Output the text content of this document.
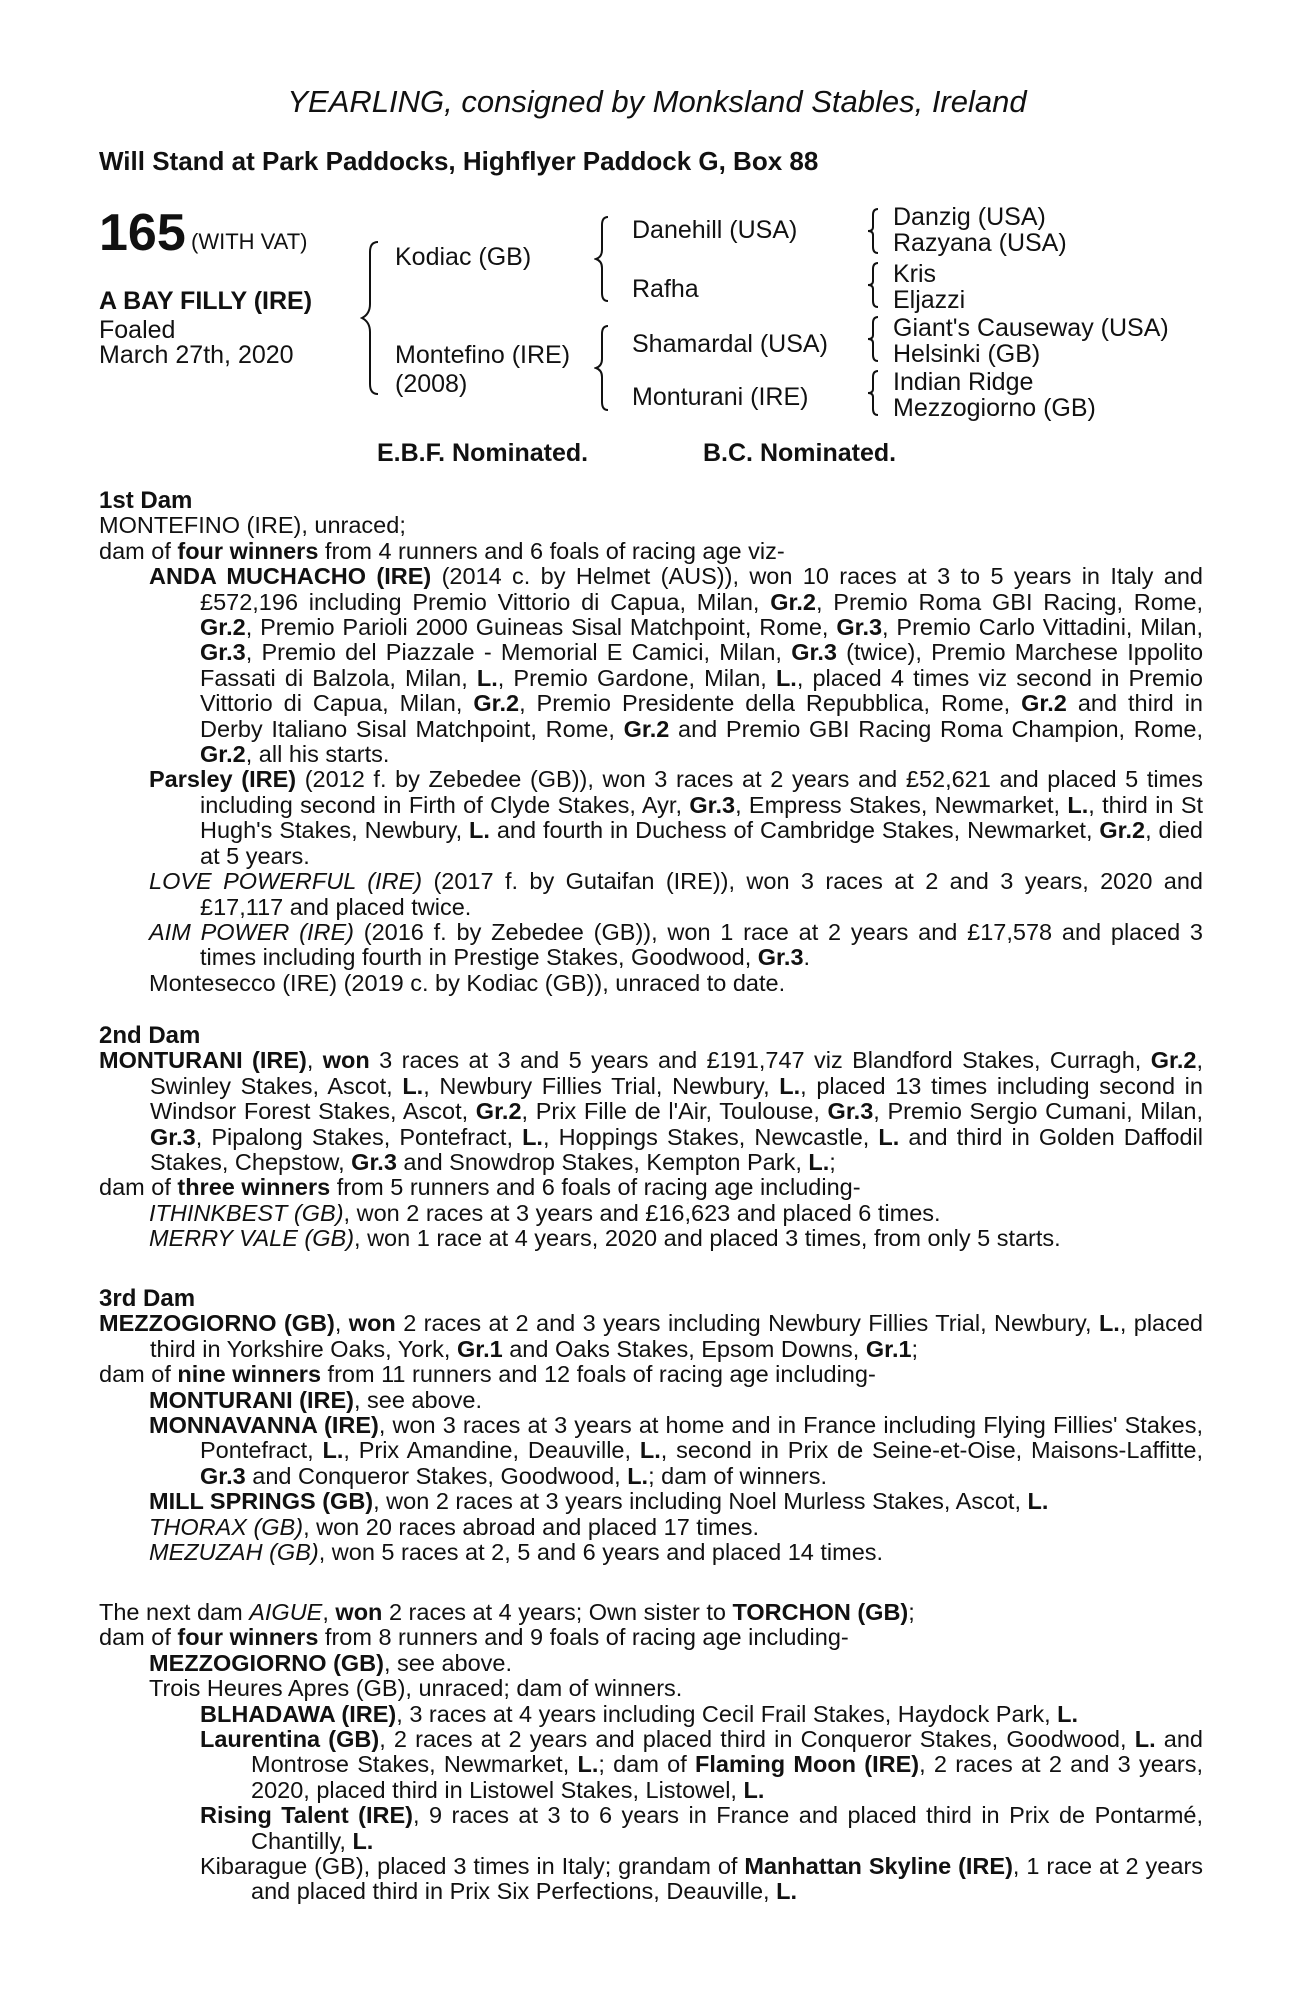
YEARLING, consigned by Monksland Stables, Ireland
Will Stand at Park Paddocks, Highflyer Paddock G, Box 88
165 (WITH VAT)
A BAY FILLY (IRE)
Foaled
March 27th, 2020
Kodiac (GB)
Montefino (IRE)
(2008)
Danehill (USA)
Rafha
Shamardal (USA)
Monturani (IRE)
Danzig (USA)
Razyana (USA)
Kris
Eljazzi
Giant's Causeway (USA)
Helsinki (GB)
Indian Ridge
Mezzogiorno (GB)
E.B.F. Nominated.	B.C. Nominated.

1st Dam

MONTEFINO (IRE), unraced;

dam of four winners from 4 runners and 6 foals of racing age viz-

ANDA MUCHACHO (IRE) (2014 c. by Helmet (AUS)), won 10 races at 3 to 5 years in Italy and £572,196 including Premio Vittorio di Capua, Milan, Gr.2, Premio Roma GBI Racing, Rome, Gr.2, Premio Parioli 2000 Guineas Sisal Matchpoint, Rome, Gr.3, Premio Carlo Vittadini, Milan, Gr.3, Premio del Piazzale - Memorial E Camici, Milan, Gr.3 (twice), Premio Marchese Ippolito Fassati di Balzola, Milan, L., Premio Gardone, Milan, L., placed 4 times viz second in Premio Vittorio di Capua, Milan, Gr.2, Premio Presidente della Repubblica, Rome, Gr.2 and third in Derby Italiano Sisal Matchpoint, Rome, Gr.2 and Premio GBI Racing Roma Champion, Rome, Gr.2, all his starts.

Parsley (IRE) (2012 f. by Zebedee (GB)), won 3 races at 2 years and £52,621 and placed 5 times including second in Firth of Clyde Stakes, Ayr, Gr.3, Empress Stakes, Newmarket, L., third in St Hugh's Stakes, Newbury, L. and fourth in Duchess of Cambridge Stakes, Newmarket, Gr.2, died at 5 years.

LOVE POWERFUL (IRE) (2017 f. by Gutaifan (IRE)), won 3 races at 2 and 3 years, 2020 and £17,117 and placed twice.

AIM POWER (IRE) (2016 f. by Zebedee (GB)), won 1 race at 2 years and £17,578 and placed 3 times including fourth in Prestige Stakes, Goodwood, Gr.3.

Montesecco (IRE) (2019 c. by Kodiac (GB)), unraced to date.

2nd Dam

MONTURANI (IRE), won 3 races at 3 and 5 years and £191,747 viz Blandford Stakes, Curragh, Gr.2, Swinley Stakes, Ascot, L., Newbury Fillies Trial, Newbury, L., placed 13 times including second in Windsor Forest Stakes, Ascot, Gr.2, Prix Fille de l'Air, Toulouse, Gr.3, Premio Sergio Cumani, Milan, Gr.3, Pipalong Stakes, Pontefract, L., Hoppings Stakes, Newcastle, L. and third in Golden Daffodil Stakes, Chepstow, Gr.3 and Snowdrop Stakes, Kempton Park, L.;

dam of three winners from 5 runners and 6 foals of racing age including-

ITHINKBEST (GB), won 2 races at 3 years and £16,623 and placed 6 times.

MERRY VALE (GB), won 1 race at 4 years, 2020 and placed 3 times, from only 5 starts.

3rd Dam

MEZZOGIORNO (GB), won 2 races at 2 and 3 years including Newbury Fillies Trial, Newbury, L., placed third in Yorkshire Oaks, York, Gr.1 and Oaks Stakes, Epsom Downs, Gr.1;

dam of nine winners from 11 runners and 12 foals of racing age including-

MONTURANI (IRE), see above.

MONNAVANNA (IRE), won 3 races at 3 years at home and in France including Flying Fillies' Stakes, Pontefract, L., Prix Amandine, Deauville, L., second in Prix de Seine-et-Oise, Maisons-Laffitte, Gr.3 and Conqueror Stakes, Goodwood, L.; dam of winners.

MILL SPRINGS (GB), won 2 races at 3 years including Noel Murless Stakes, Ascot, L.

THORAX (GB), won 20 races abroad and placed 17 times.

MEZUZAH (GB), won 5 races at 2, 5 and 6 years and placed 14 times.

The next dam AIGUE, won 2 races at 4 years; Own sister to TORCHON (GB);

dam of four winners from 8 runners and 9 foals of racing age including-

MEZZOGIORNO (GB), see above.

Trois Heures Apres (GB), unraced; dam of winners.

BLHADAWA (IRE), 3 races at 4 years including Cecil Frail Stakes, Haydock Park, L.

Laurentina (GB), 2 races at 2 years and placed third in Conqueror Stakes, Goodwood, L. and Montrose Stakes, Newmarket, L.; dam of Flaming Moon (IRE), 2 races at 2 and 3 years, 2020, placed third in Listowel Stakes, Listowel, L.

Rising Talent (IRE), 9 races at 3 to 6 years in France and placed third in Prix de Pontarmé, Chantilly, L.

Kibarague (GB), placed 3 times in Italy; grandam of Manhattan Skyline (IRE), 1 race at 2 years and placed third in Prix Six Perfections, Deauville, L.
